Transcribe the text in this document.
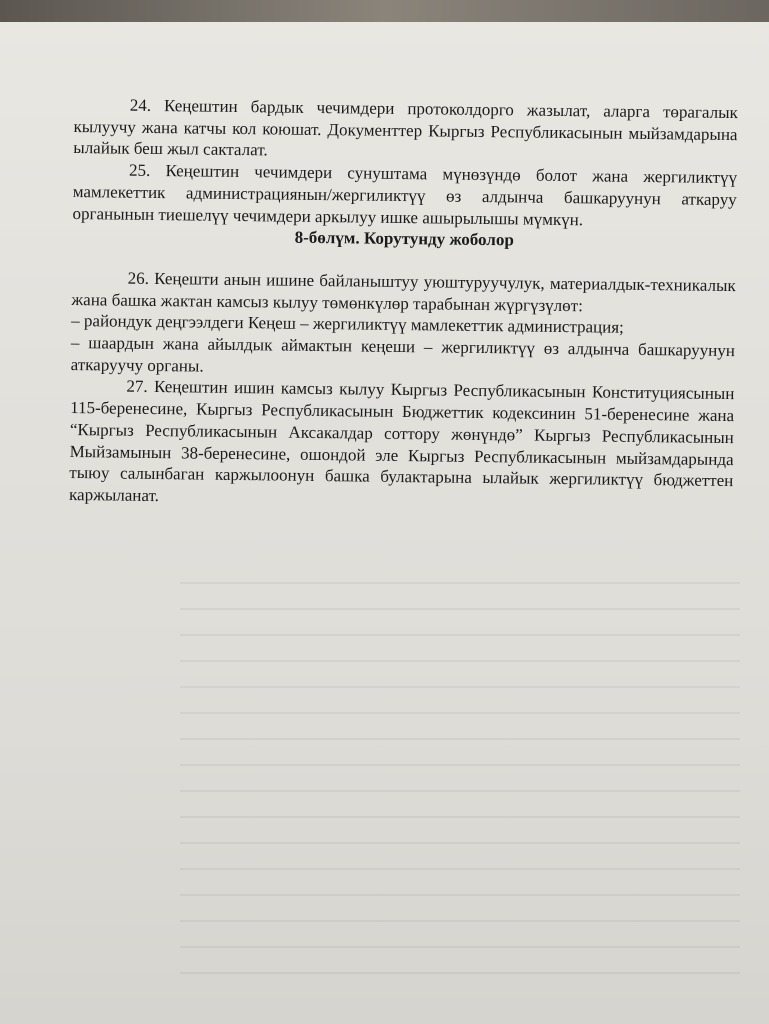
24. Кеңештин бардык чечимдери протоколдорго жазылат, аларга төрагалык кылуучу жана катчы кол коюшат. Документтер Кыргыз Республикасынын мыйзамдарына ылайык беш жыл сакталат.

25. Кеңештин чечимдери сунуштама мүнөзүндө болот жана жергиликтүү мамлекеттик администрациянын/жергиликтүү өз алдынча башкаруунун аткаруу органынын тиешелүү чечимдери аркылуу ишке ашырылышы мүмкүн.

8-бөлүм. Корутунду жоболор

26. Кеңешти анын ишине байланыштуу уюштуруучулук, материалдык-техникалык жана башка жактан камсыз кылуу төмөнкүлөр тарабынан жүргүзүлөт:

– райондук деңгээлдеги Кеңеш – жергиликтүү мамлекеттик администрация;

– шаардын жана айылдык аймактын кеңеши – жергиликтүү өз алдынча башкаруунун аткаруучу органы.

27. Кеңештин ишин камсыз кылуу Кыргыз Республикасынын Конституциясынын 115-беренесине, Кыргыз Республикасынын Бюджеттик кодексинин 51-беренесине жана “Кыргыз Республикасынын Аксакалдар соттору жөнүндө” Кыргыз Республикасынын Мыйзамынын 38-беренесине, ошондой эле Кыргыз Республикасынын мыйзамдарында тыюу салынбаган каржылоонун башка булактарына ылайык жергиликтүү бюджеттен каржыланат.
